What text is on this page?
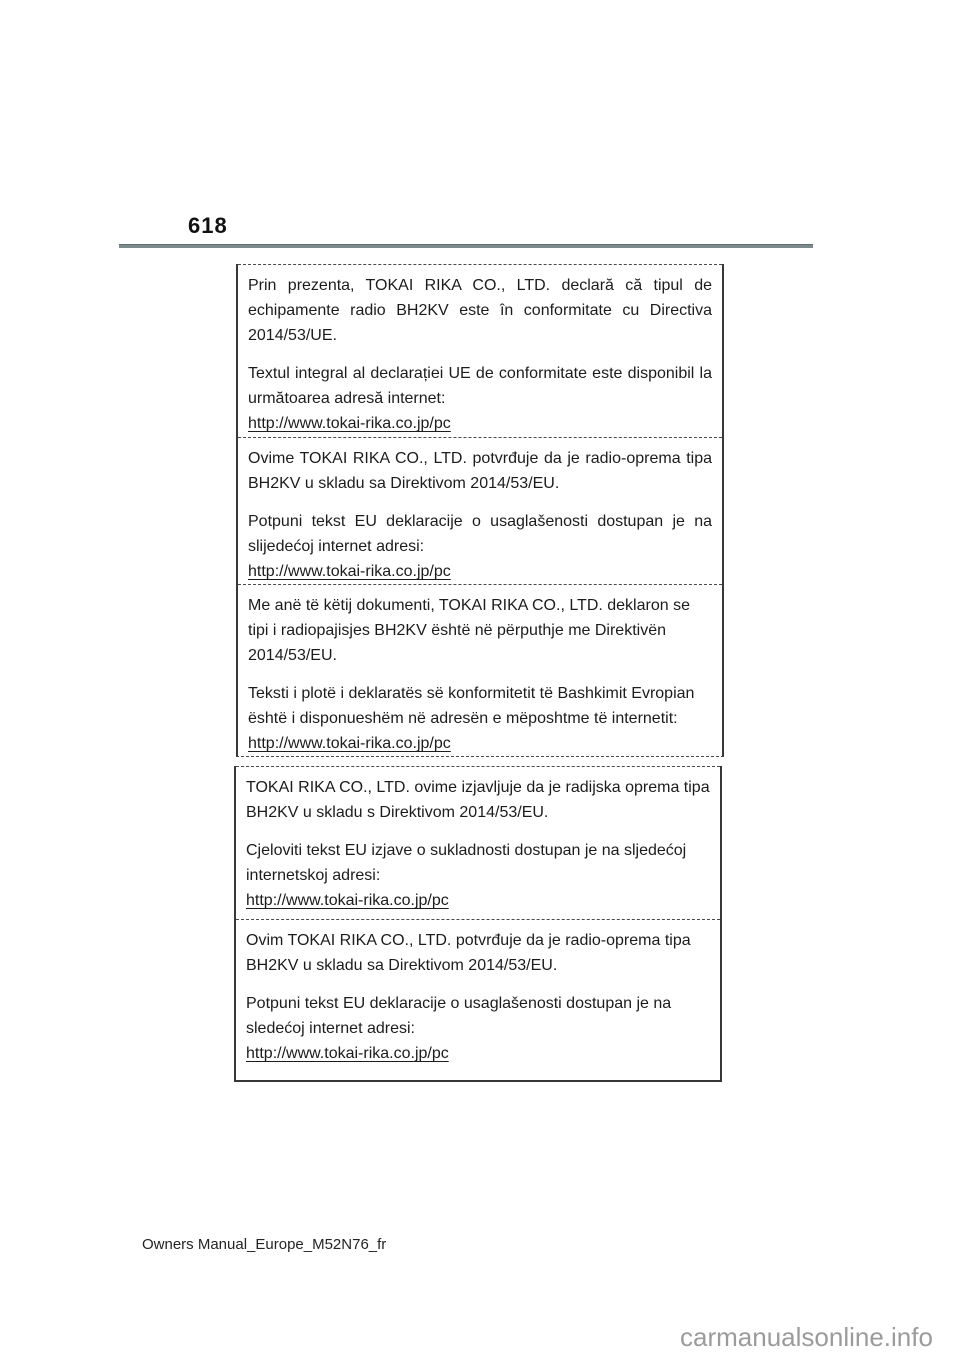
618

Prin prezenta, TOKAI RIKA CO., LTD. declară că tipul de echipamente radio BH2KV este în conformitate cu Directiva 2014/53/UE.

Textul integral al declarației UE de conformitate este disponibil la următoarea adresă internet:

http://www.tokai-rika.co.jp/pc

Ovime TOKAI RIKA CO., LTD. potvrđuje da je radio-oprema tipa BH2KV u skladu sa Direktivom 2014/53/EU.

Potpuni tekst EU deklaracije o usaglašenosti dostupan je na slijedećoj internet adresi:

http://www.tokai-rika.co.jp/pc

Me anë të këtij dokumenti, TOKAI RIKA CO., LTD. deklaron se tipi i radiopajisjes BH2KV është në përputhje me Direktivën 2014/53/EU.

Teksti i plotë i deklaratës së konformitetit të Bashkimit Evropian është i disponueshëm në adresën e mëposhtme të internetit:

http://www.tokai-rika.co.jp/pc

TOKAI RIKA CO., LTD. ovime izjavljuje da je radijska oprema tipa BH2KV u skladu s Direktivom 2014/53/EU.

Cjeloviti tekst EU izjave o sukladnosti dostupan je na sljedećoj internetskoj adresi:

http://www.tokai-rika.co.jp/pc

Ovim TOKAI RIKA CO., LTD. potvrđuje da je radio-oprema tipa BH2KV u skladu sa Direktivom 2014/53/EU.

Potpuni tekst EU deklaracije o usaglašenosti dostupan je na sledećoj internet adresi:

http://www.tokai-rika.co.jp/pc
Owners Manual_Europe_M52N76_fr
carmanualsonline.info
